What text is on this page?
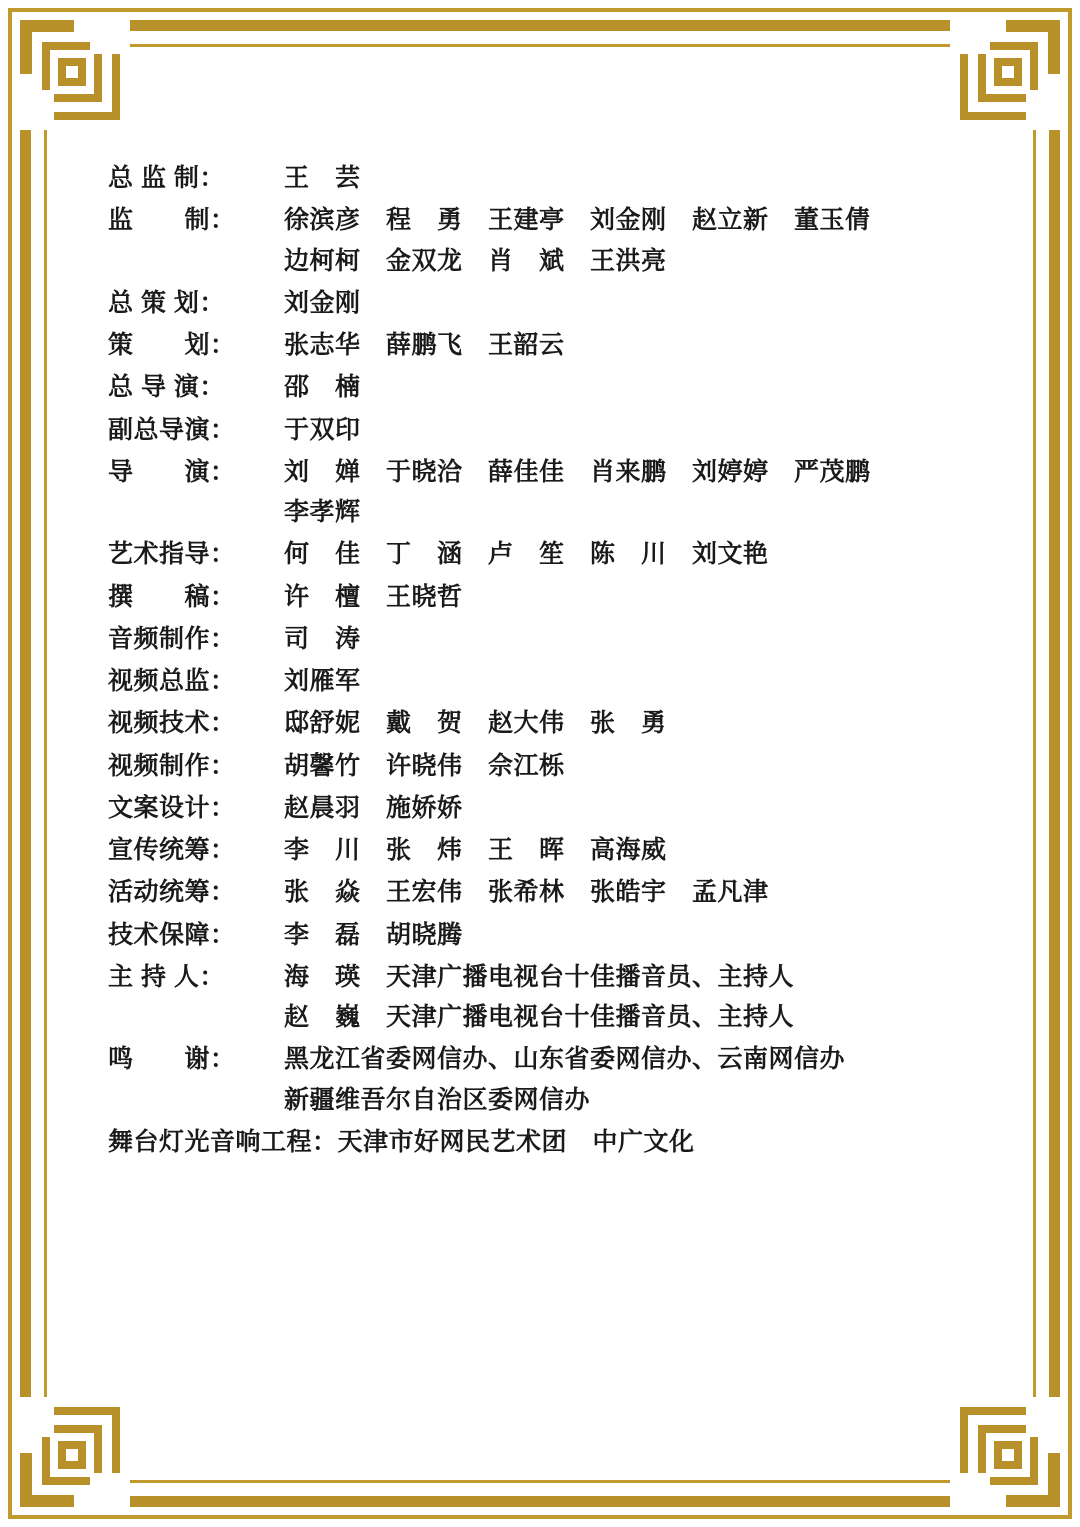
总 监 制：	王　芸
监　　制：	徐滨彦　程　勇　王建亭　刘金刚　赵立新　董玉倩
边柯柯　金双龙　肖　斌　王洪亮
总 策 划：	刘金刚
策　　划：	张志华　薛鹏飞　王韶云
总 导 演：	邵　楠
副总导演：	于双印
导　　演：	刘　婵　于晓洽　薛佳佳　肖来鹏　刘婷婷　严茂鹏
李孝辉
艺术指导：	何　佳　丁　涵　卢　笙　陈　川　刘文艳
撰　　稿：	许　檀　王晓哲
音频制作：	司　涛
视频总监：	刘雁军
视频技术：	邸舒妮　戴　贺　赵大伟　张　勇
视频制作：	胡馨竹　许晓伟　佘江栎
文案设计：	赵晨羽　施娇娇
宣传统筹：	李　川　张　炜　王　晖　高海威
活动统筹：	张　焱　王宏伟　张希林　张皓宇　孟凡津
技术保障：	李　磊　胡晓腾
主 持 人：	海　瑛　天津广播电视台十佳播音员、主持人
赵　巍　天津广播电视台十佳播音员、主持人
鸣　　谢：	黑龙江省委网信办、山东省委网信办、云南网信办
新疆维吾尔自治区委网信办
舞台灯光音响工程： 天津市好网民艺术团　中广文化
